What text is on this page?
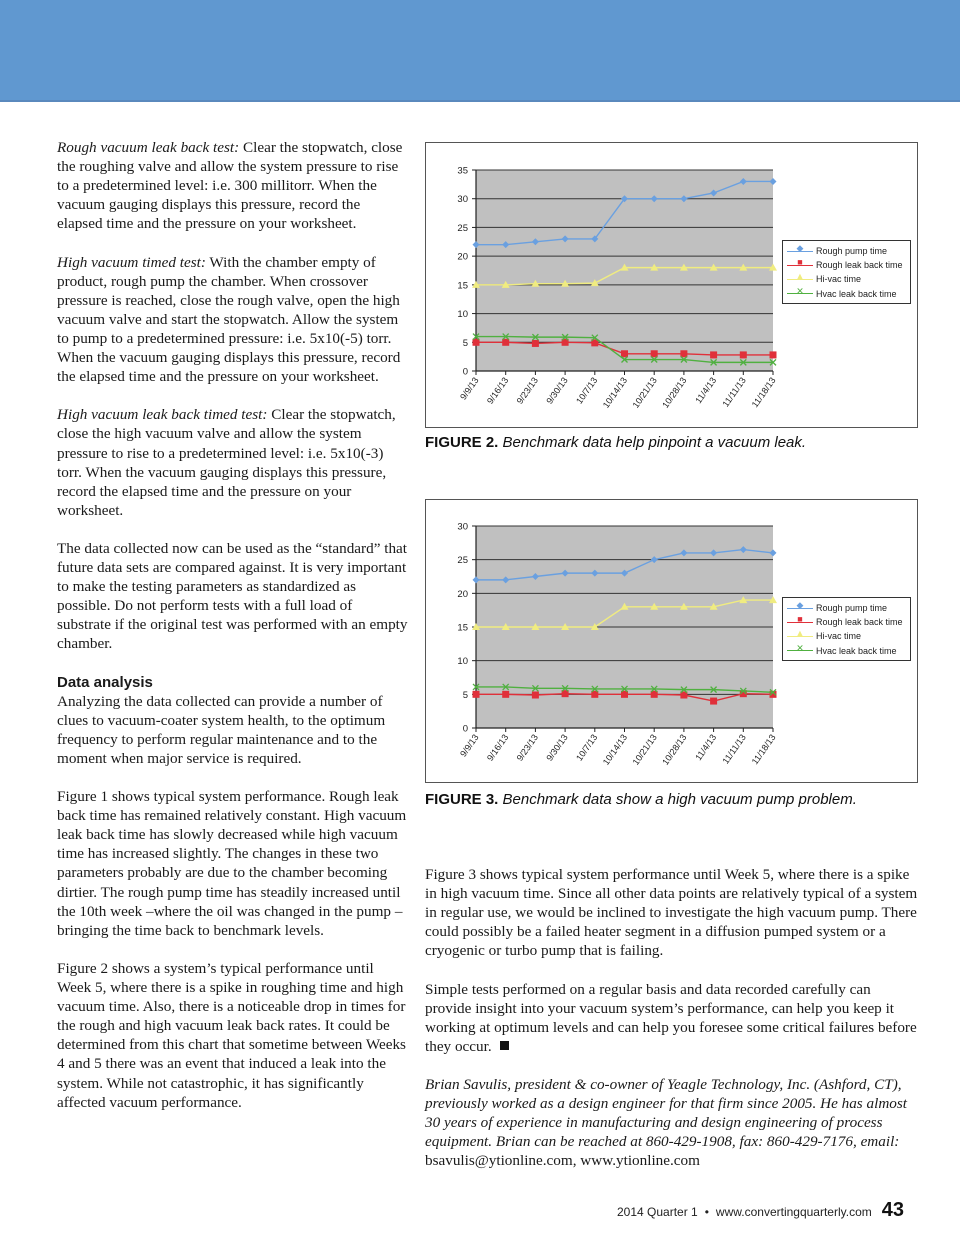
Rough vacuum leak back test: Clear the stopwatch, close the roughing valve and allow the system pressure to rise to a predetermined level: i.e. 300 millitorr. When the vacuum gauging displays this pressure, record the elapsed time and the pressure on your worksheet.

High vacuum timed test: With the chamber empty of product, rough pump the chamber. When crossover pressure is reached, close the rough valve, open the high vacuum valve and start the stopwatch. Allow the system to pump to a predetermined pressure: i.e. 5x10(-5) torr. When the vacuum gauging displays this pressure, record the elapsed time and the pressure on your worksheet.

High vacuum leak back timed test: Clear the stopwatch, close the high vacuum valve and allow the system pressure to rise to a predetermined level: i.e. 5x10(-3) torr. When the vacuum gauging displays this pressure, record the elapsed time and the pressure on your worksheet.

The data collected now can be used as the “standard” that future data sets are compared against. It is very important to make the testing parameters as standardized as possible. Do not perform tests with a full load of substrate if the original test was performed with an empty chamber.

Data analysis

Analyzing the data collected can provide a number of clues to vacuum-coater system health, to the optimum frequency to perform regular maintenance and to the moment when major service is required.

Figure 1 shows typical system performance. Rough leak back time has remained relatively constant. High vacuum leak back time has slowly decreased while high vacuum time has increased slightly. The changes in these two parameters probably are due to the chamber becoming dirtier. The rough pump time has steadily increased until the 10th week –where the oil was changed in the pump – bringing the time back to benchmark levels.

Figure 2 shows a system’s typical performance until Week 5, where there is a spike in roughing time and high vacuum time. Also, there is a noticeable drop in times for the rough and high vacuum leak back rates. It could be determined from this chart that sometime between Weeks 4 and 5 there was an event that induced a leak into the system. While not catastrophic, it has significantly affected vacuum performance.

0
5
10
15
20
25
30
35
9/9/13 9/16/13 9/23/13 9/30/13 10/7/13 10/14/13 10/21/13 10/28/13 11/4/13 11/11/13 11/18/13
◆
Rough pump time
■
Rough leak back time
▲
Hi-vac time
✕
Hvac leak back time
FIGURE 2. Benchmark data help pinpoint a vacuum leak.
0
5
10
15
20
25
30
9/9/13 9/16/13 9/23/13 9/30/13 10/7/13 10/14/13 10/21/13 10/28/13 11/4/13 11/11/13 11/18/13
◆
Rough pump time
■
Rough leak back time
▲
Hi-vac time
✕
Hvac leak back time
FIGURE 3. Benchmark data show a high vacuum pump problem.

Figure 3 shows typical system performance until Week 5, where there is a spike in high vacuum time. Since all other data points are relatively typical of a system in regular use, we would be inclined to investigate the high vacuum pump. There could possibly be a failed heater segment in a diffusion pumped system or a cryogenic or turbo pump that is failing.

Simple tests performed on a regular basis and data recorded carefully can provide insight into your vacuum system’s performance, can help you keep it working at optimum levels and can help you foresee some critical failures before they occur.

Brian Savulis, president & co-owner of Yeagle Technology, Inc. (Ashford, CT), previously worked as a design engineer for that firm since 2005. He has almost 30 years of experience in manufacturing and design engineering of process equipment. Brian can be reached at 860-429-1908, fax: 860-429-7176, email: bsavulis@ytionline.com, www.ytionline.com

2014 Quarter 1 • www.convertingquarterly.com 43
